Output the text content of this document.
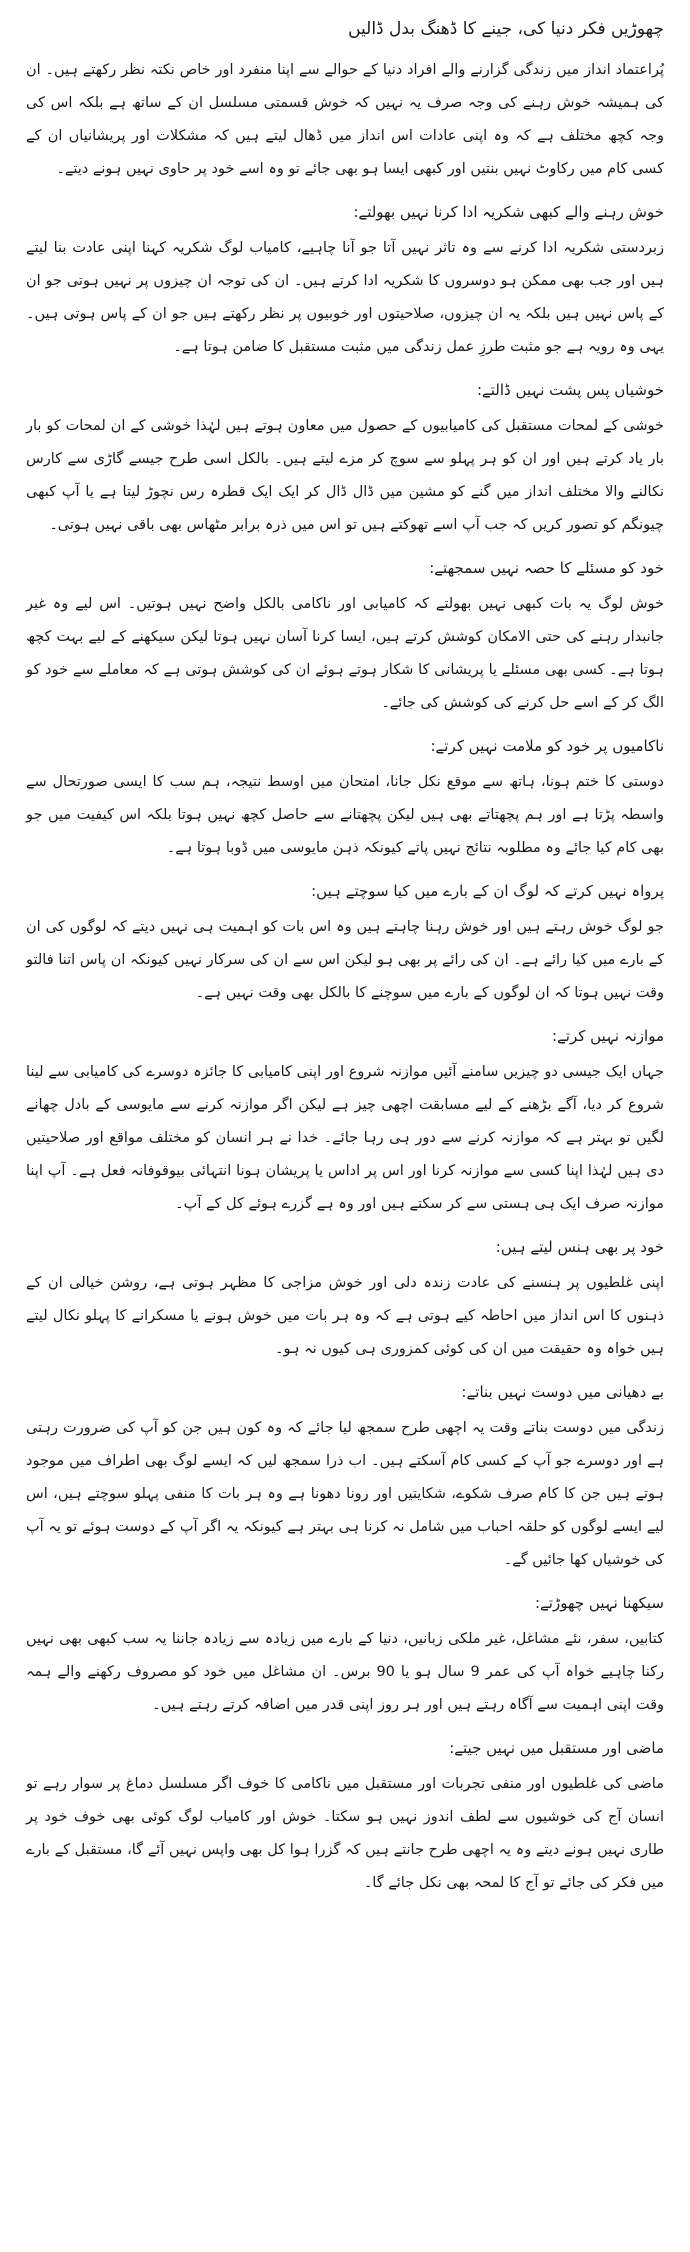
چھوڑیں فکر دنیا کی، جینے کا ڈھنگ بدل ڈالیں

پُراعتماد انداز میں زندگی گزارنے والے افراد دنیا کے حوالے سے اپنا منفرد اور خاص نکتہ نظر رکھتے ہیں۔ ان کی ہمیشہ خوش رہنے کی وجہ صرف یہ نہیں کہ خوش قسمتی مسلسل ان کے ساتھ ہے بلکہ اس کی وجہ کچھ مختلف ہے کہ وہ اپنی عادات اس انداز میں ڈھال لیتے ہیں کہ مشکلات اور پریشانیاں ان کے کسی کام میں رکاوٹ نہیں بنتیں اور کبھی ایسا ہو بھی جائے تو وہ اسے خود پر حاوی نہیں ہونے دیتے۔

خوش رہنے والے کبھی شکریہ ادا کرنا نہیں بھولتے:

زبردستی شکریہ ادا کرنے سے وہ تاثر نہیں آتا جو آنا چاہیے، کامیاب لوگ شکریہ کہنا اپنی عادت بنا لیتے ہیں اور جب بھی ممکن ہو دوسروں کا شکریہ ادا کرتے ہیں۔ ان کی توجہ ان چیزوں پر نہیں ہوتی جو ان کے پاس نہیں ہیں بلکہ یہ ان چیزوں، صلاحیتوں اور خوبیوں پر نظر رکھتے ہیں جو ان کے پاس ہوتی ہیں۔ یہی وہ رویہ ہے جو مثبت طرزِ عمل زندگی میں مثبت مستقبل کا ضامن ہوتا ہے۔

خوشیاں پس پشت نہیں ڈالتے:

خوشی کے لمحات مستقبل کی کامیابیوں کے حصول میں معاون ہوتے ہیں لہٰذا خوشی کے ان لمحات کو بار بار یاد کرتے ہیں اور ان کو ہر پہلو سے سوچ کر مزے لیتے ہیں۔ بالکل اسی طرح جیسے گاڑی سے کارس نکالنے والا مختلف انداز میں گنے کو مشین میں ڈال ڈال کر ایک ایک قطرہ رس نچوڑ لیتا ہے یا آپ کبھی چیونگم کو تصور کریں کہ جب آپ اسے تھوکتے ہیں تو اس میں ذرہ برابر مٹھاس بھی باقی نہیں ہوتی۔

خود کو مسئلے کا حصہ نہیں سمجھتے:

خوش لوگ یہ بات کبھی نہیں بھولتے کہ کامیابی اور ناکامی بالکل واضح نہیں ہوتیں۔ اس لیے وہ غیر جانبدار رہنے کی حتی الامکان کوشش کرتے ہیں، ایسا کرنا آسان نہیں ہوتا لیکن سیکھنے کے لیے بہت کچھ ہوتا ہے۔ کسی بھی مسئلے یا پریشانی کا شکار ہوتے ہوئے ان کی کوشش ہوتی ہے کہ معاملے سے خود کو الگ کر کے اسے حل کرنے کی کوشش کی جائے۔

ناکامیوں پر خود کو ملامت نہیں کرتے:

دوستی کا ختم ہونا، ہاتھ سے موقع نکل جانا، امتحان میں اوسط نتیجہ، ہم سب کا ایسی صورتحال سے واسطہ پڑتا ہے اور ہم پچھتاتے بھی ہیں لیکن پچھتانے سے حاصل کچھ نہیں ہوتا بلکہ اس کیفیت میں جو بھی کام کیا جائے وہ مطلوبہ نتائج نہیں پاتے کیونکہ ذہن مایوسی میں ڈوبا ہوتا ہے۔

پرواہ نہیں کرتے کہ لوگ ان کے بارے میں کیا سوچتے ہیں:

جو لوگ خوش رہتے ہیں اور خوش رہنا چاہتے ہیں وہ اس بات کو اہمیت ہی نہیں دیتے کہ لوگوں کی ان کے بارے میں کیا رائے ہے۔ ان کی رائے پر بھی ہو لیکن اس سے ان کی سرکار نہیں کیونکہ ان پاس اتنا فالتو وقت نہیں ہوتا کہ ان لوگوں کے بارے میں سوچنے کا بالکل بھی وقت نہیں ہے۔

موازنہ نہیں کرتے:

جہاں ایک جیسی دو چیزیں سامنے آئیں موازنہ شروع اور اپنی کامیابی کا جائزہ دوسرے کی کامیابی سے لینا شروع کر دیا، آگے بڑھنے کے لیے مسابقت اچھی چیز ہے لیکن اگر موازنہ کرنے سے مایوسی کے بادل چھانے لگیں تو بہتر ہے کہ موازنہ کرنے سے دور ہی رہا جائے۔ خدا نے ہر انسان کو مختلف مواقع اور صلاحیتیں دی ہیں لہٰذا اپنا کسی سے موازنہ کرنا اور اس پر اداس یا پریشان ہونا انتہائی بیوقوفانہ فعل ہے۔ آپ اپنا موازنہ صرف ایک ہی ہستی سے کر سکتے ہیں اور وہ ہے گزرے ہوئے کل کے آپ۔

خود پر بھی ہنس لیتے ہیں:

اپنی غلطیوں پر ہنسنے کی عادت زندہ دلی اور خوش مزاجی کا مظہر ہوتی ہے، روشن خیالی ان کے ذہنوں کا اس انداز میں احاطہ کیے ہوتی ہے کہ وہ ہر بات میں خوش ہونے یا مسکرانے کا پہلو نکال لیتے ہیں خواہ وہ حقیقت میں ان کی کوئی کمزوری ہی کیوں نہ ہو۔

بے دھیانی میں دوست نہیں بناتے:

زندگی میں دوست بناتے وقت یہ اچھی طرح سمجھ لیا جائے کہ وہ کون ہیں جن کو آپ کی ضرورت رہتی ہے اور دوسرے جو آپ کے کسی کام آسکتے ہیں۔ اب ذرا سمجھ لیں کہ ایسے لوگ بھی اطراف میں موجود ہوتے ہیں جن کا کام صرف شکوے، شکایتیں اور رونا دھونا ہے وہ ہر بات کا منفی پہلو سوچتے ہیں، اس لیے ایسے لوگوں کو حلقہ احباب میں شامل نہ کرنا ہی بہتر ہے کیونکہ یہ اگر آپ کے دوست ہوئے تو یہ آپ کی خوشیاں کھا جائیں گے۔

سیکھنا نہیں چھوڑتے:

کتابیں، سفر، نئے مشاغل، غیر ملکی زبانیں، دنیا کے بارے میں زیادہ سے زیادہ جاننا یہ سب کبھی بھی نہیں رکنا چاہیے خواہ آپ کی عمر 9 سال ہو یا 90 برس۔ ان مشاغل میں خود کو مصروف رکھنے والے ہمہ وقت اپنی اہمیت سے آگاہ رہتے ہیں اور ہر روز اپنی قدر میں اضافہ کرتے رہتے ہیں۔

ماضی اور مستقبل میں نہیں جیتے:

ماضی کی غلطیوں اور منفی تجربات اور مستقبل میں ناکامی کا خوف اگر مسلسل دماغ پر سوار رہے تو انسان آج کی خوشیوں سے لطف اندوز نہیں ہو سکتا۔ خوش اور کامیاب لوگ کوئی بھی خوف خود پر طاری نہیں ہونے دیتے وہ یہ اچھی طرح جانتے ہیں کہ گزرا ہوا کل بھی واپس نہیں آئے گا، مستقبل کے بارے میں فکر کی جائے تو آج کا لمحہ بھی نکل جائے گا۔
